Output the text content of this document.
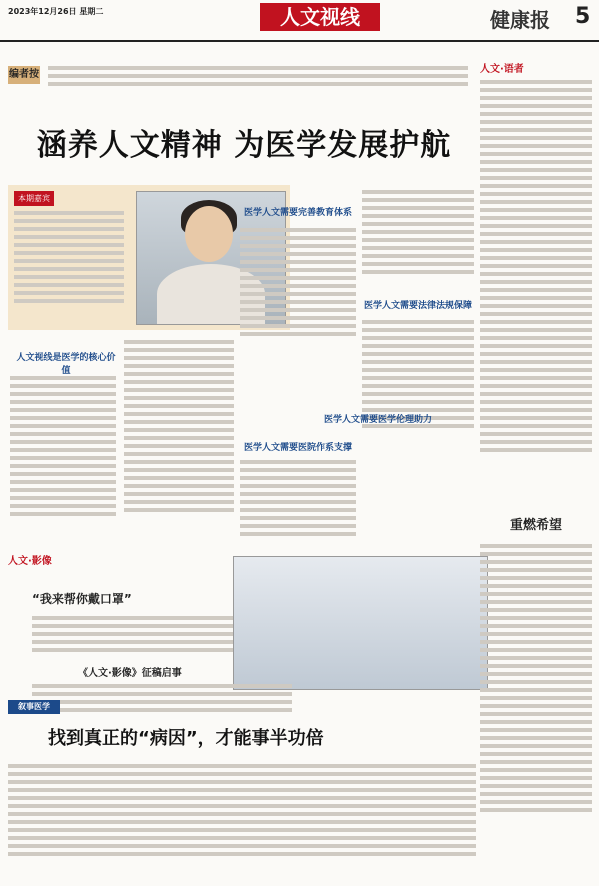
2023年12月26日 星期二	人文视线	健康报 5
编者按
涵养人文精神 为医学发展护航
本期嘉宾
人文视线是医学的核心价值
医学人文需要完善教育体系
医学人文需要医院作系支撑
医学人文需要法律法规保障
医学人文需要医学伦理助力
人文·影像
“我来帮你戴口罩”
《人文·影像》征稿启事
人文·语者
重燃希望
叙事医学
找到真正的“病因”，才能事半功倍
